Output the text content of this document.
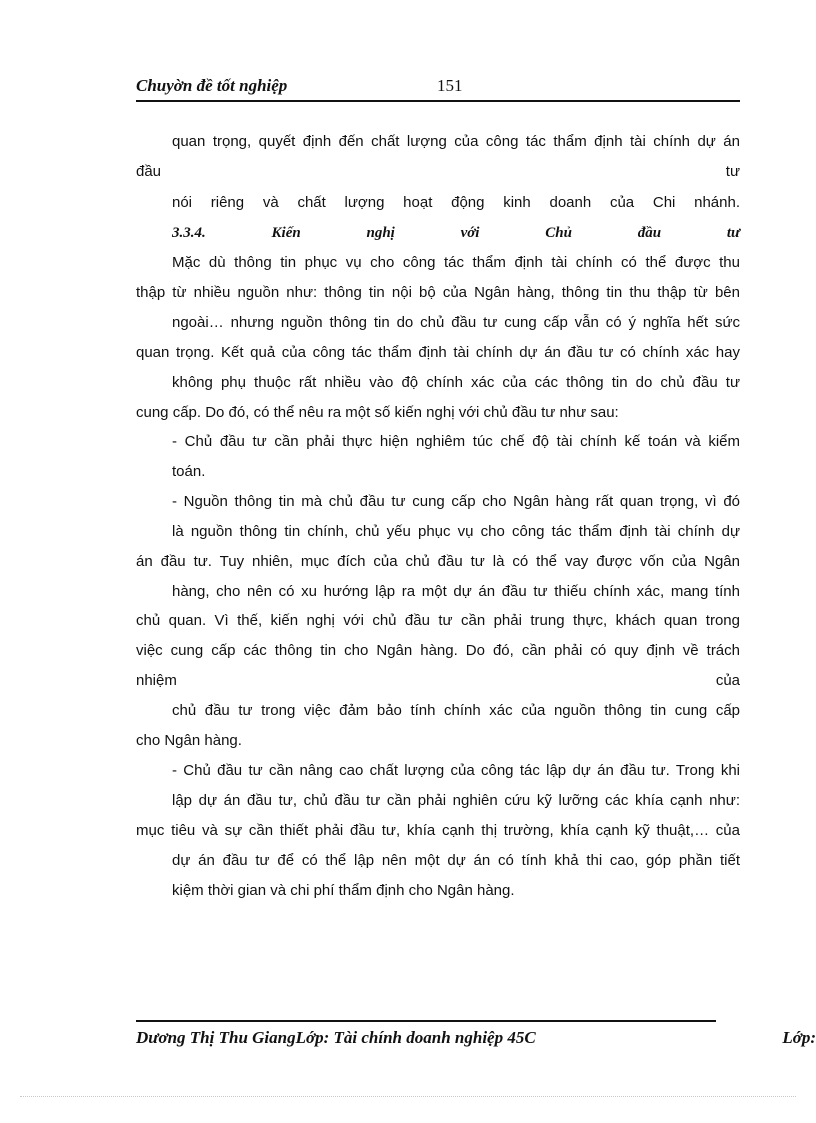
Chuyờn đề tốt nghiệp	151
quan trọng, quyết định đến chất lượng của công tác thẩm định tài chính dự án
đầu	tư
nói riêng và chất lượng hoạt động kinh doanh của Chi nhánh.
3.3.4. Kiến nghị với Chủ đầu tư
Mặc dù thông tin phục vụ cho công tác thẩm định tài chính có thể được thu
thập từ nhiều nguồn như: thông tin nội bộ của Ngân hàng, thông tin thu thập từ bên
ngoài… nhưng nguồn thông tin do chủ đầu tư cung cấp vẫn có ý nghĩa hết sức
quan trọng. Kết quả của công tác thẩm định tài chính dự án đầu tư có chính xác hay
không phụ thuộc rất nhiều vào độ chính xác của các thông tin do chủ đầu tư
cung cấp. Do đó, có thể nêu ra một số kiến nghị với chủ đầu tư như sau:
- Chủ đầu tư cần phải thực hiện nghiêm túc chế độ tài chính kế toán và kiểm
toán.
- Nguồn thông tin mà chủ đầu tư cung cấp cho Ngân hàng rất quan trọng, vì đó
là nguồn thông tin chính, chủ yếu phục vụ cho công tác thẩm định tài chính dự
án đầu tư. Tuy nhiên, mục đích của chủ đầu tư là có thể vay được vốn của Ngân
hàng, cho nên có xu hướng lập ra một dự án đầu tư thiếu chính xác, mang tính
chủ quan. Vì thế, kiến nghị với chủ đầu tư cần phải trung thực, khách quan trong
việc cung cấp các thông tin cho Ngân hàng. Do đó, cần phải có quy định về trách
nhiệm	của
chủ đầu tư trong việc đảm bảo tính chính xác của nguồn thông tin cung cấp
cho Ngân hàng.
- Chủ đầu tư cần nâng cao chất lượng của công tác lập dự án đầu tư. Trong khi
lập dự án đầu tư, chủ đầu tư cần phải nghiên cứu kỹ lưỡng các khía cạnh như:
mục tiêu và sự cần thiết phải đầu tư, khía cạnh thị trường, khía cạnh kỹ thuật,… của
dự án đầu tư để có thể lập nên một dự án có tính khả thi cao, góp phần tiết
kiệm thời gian và chi phí thẩm định cho Ngân hàng.
Dương Thị Thu GiangLớp: Tài chính doanh nghiệp 45C	Lớp:
